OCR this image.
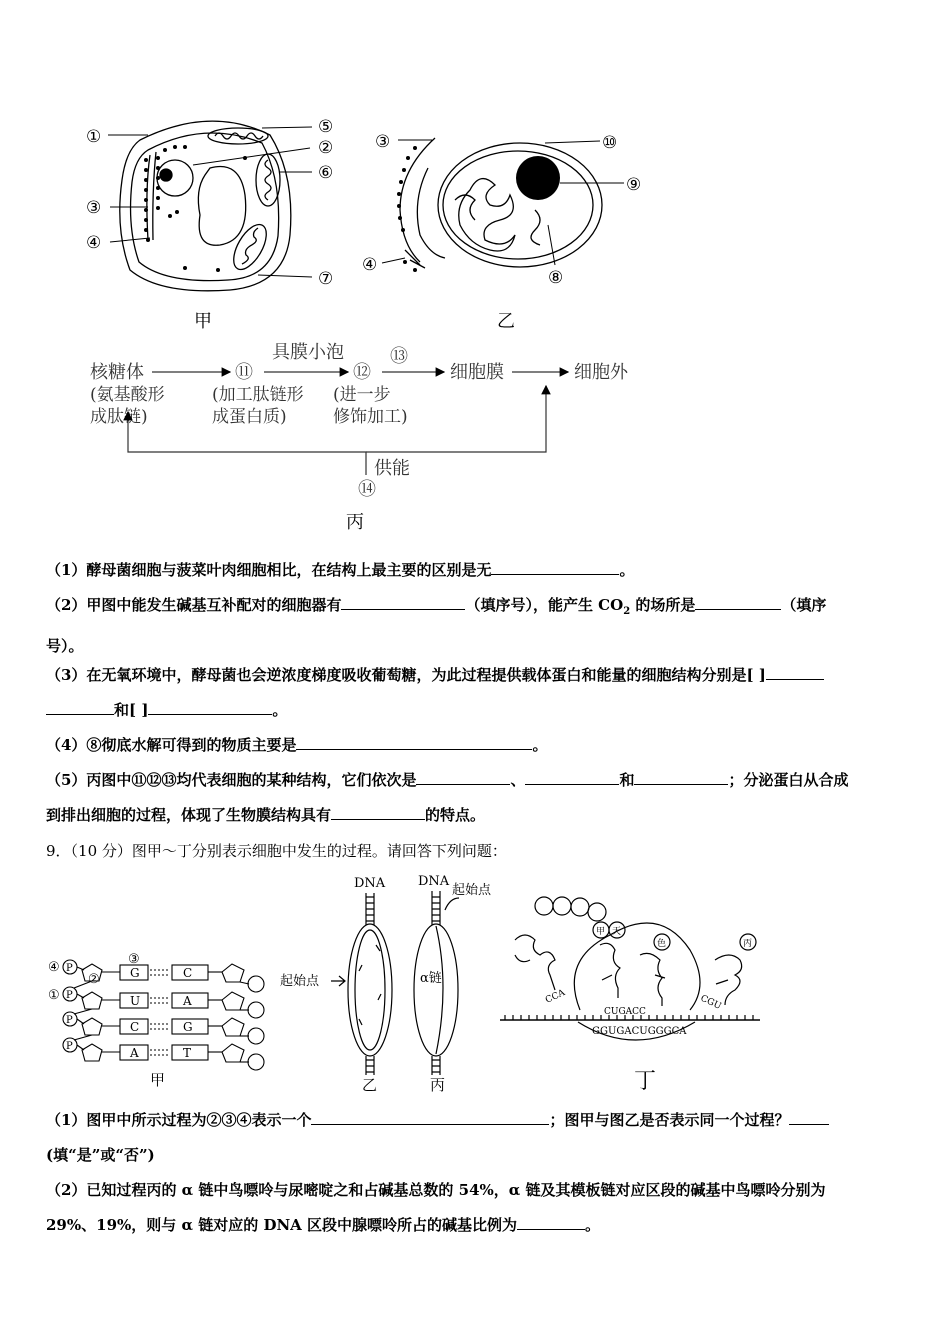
①
②
③
④
⑤
⑥
⑦
③
④
⑧
⑨
⑩
甲	乙
核糖体
(氨基酸形
成肽链)
⑪
(加工肽链形
成蛋白质)
具膜小泡
⑫
(进一步
修饰加工)
⑬
细胞膜	细胞外
供能
⑭
丙
（1）酵母菌细胞与菠菜叶肉细胞相比，在结构上最主要的区别是无	。
（2）甲图中能发生碱基互补配对的细胞器有	（填序号），能产生 $CO_2$ 的场所是	（填序
号）。
（3）在无氧环境中，酵母菌也会逆浓度梯度吸收葡萄糖，为此过程提供载体蛋白和能量的细胞结构分别是[ ]
和[ ]	。
（4）⑧彻底水解可得到的物质主要是	。
（5）丙图中⑪⑫⑬均代表细胞的某种结构，它们依次是	、	和	；分泌蛋白从合成
到排出细胞的过程，体现了生物膜结构具有	的特点。
9．（10 分）图甲～丁分别表示细胞中发生的过程。请回答下列问题：
④
①
③
②
P
P
P
P
G
U
C
A
C
A
G
T
甲
DNA
起始点
乙
DNA
起始点
α链
丙
甲 天
色	丙
CCA
CUGACC
CGU
GGUGACUGGGCA
丁
（1）图甲中所示过程为②③④表示一个	；图甲与图乙是否表示同一个过程？
(填“是”或“否”)
（2）已知过程丙的 α 链中鸟嘌呤与尿嘧啶之和占碱基总数的 54%，α 链及其模板链对应区段的碱基中鸟嘌呤分别为
29%、19%，则与 α 链对应的 DNA 区段中腺嘌呤所占的碱基比例为	。
